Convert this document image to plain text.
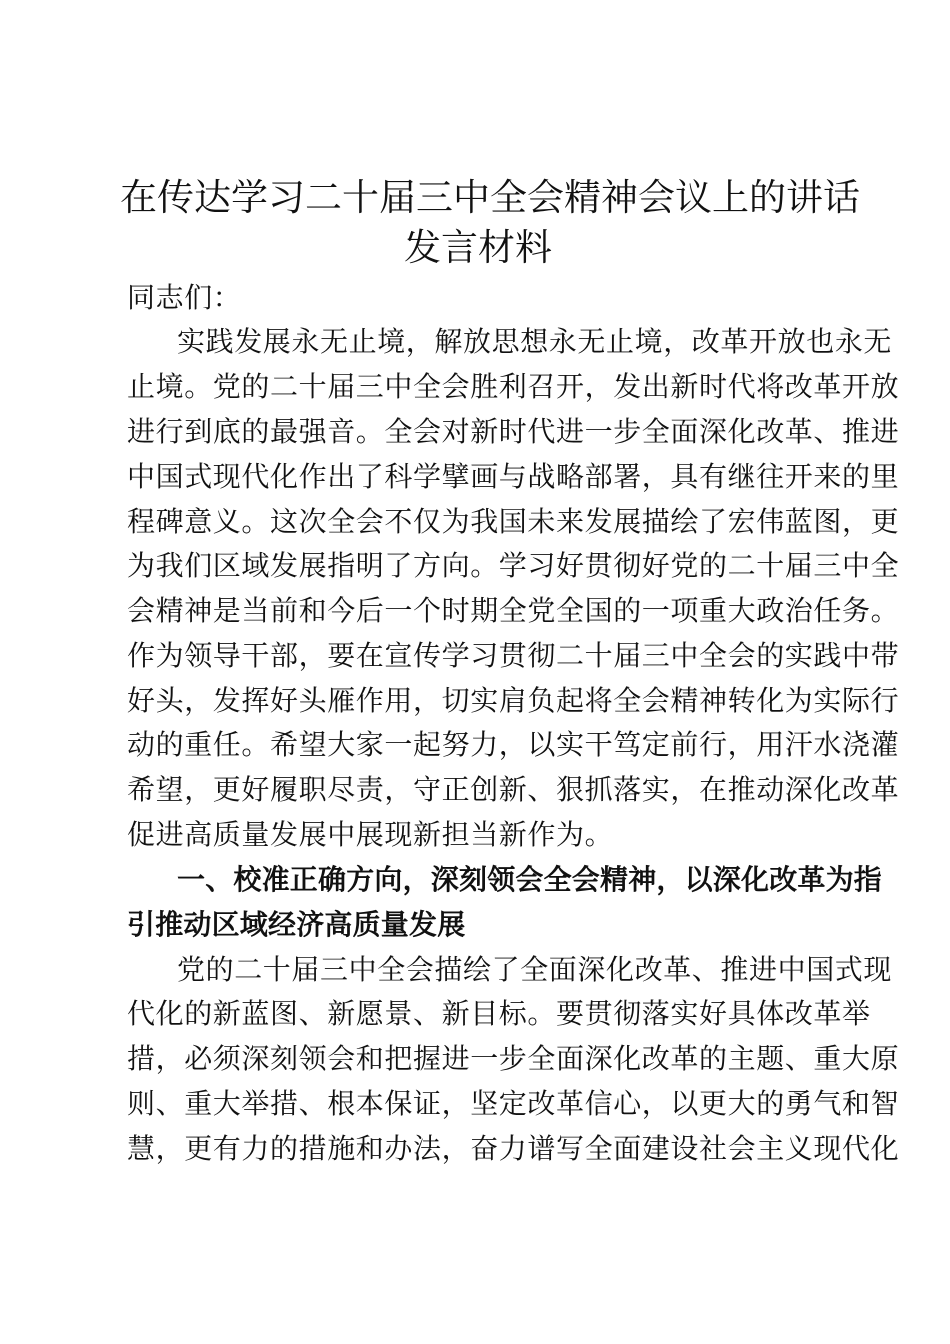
在传达学习二十届三中全会精神会议上的讲话
发言材料
同志们：
实践发展永无止境，解放思想永无止境，改革开放也永无
止境。党的二十届三中全会胜利召开，发出新时代将改革开放
进行到底的最强音。全会对新时代进一步全面深化改革、推进
中国式现代化作出了科学擘画与战略部署，具有继往开来的里
程碑意义。这次全会不仅为我国未来发展描绘了宏伟蓝图，更
为我们区域发展指明了方向。学习好贯彻好党的二十届三中全
会精神是当前和今后一个时期全党全国的一项重大政治任务。
作为领导干部，要在宣传学习贯彻二十届三中全会的实践中带
好头，发挥好头雁作用，切实肩负起将全会精神转化为实际行
动的重任。希望大家一起努力，以实干笃定前行，用汗水浇灌
希望，更好履职尽责，守正创新、狠抓落实，在推动深化改革
促进高质量发展中展现新担当新作为。
一、校准正确方向，深刻领会全会精神，以深化改革为指
引推动区域经济高质量发展
党的二十届三中全会描绘了全面深化改革、推进中国式现
代化的新蓝图、新愿景、新目标。要贯彻落实好具体改革举
措，必须深刻领会和把握进一步全面深化改革的主题、重大原
则、重大举措、根本保证，坚定改革信心，以更大的勇气和智
慧，更有力的措施和办法，奋力谱写全面建设社会主义现代化
